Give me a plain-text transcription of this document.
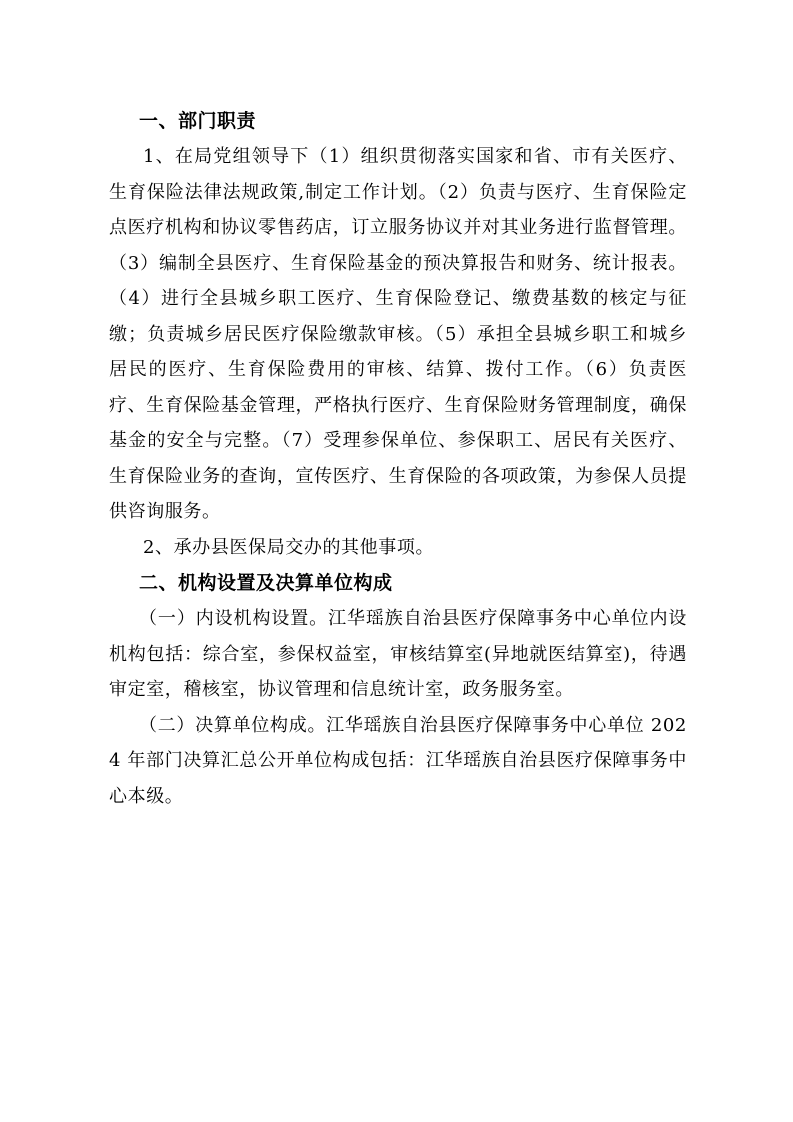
一、部门职责

1、在局党组领导下（1）组织贯彻落实国家和省、市有关医疗、生育保险法律法规政策,制定工作计划。（2）负责与医疗、生育保险定点医疗机构和协议零售药店，订立服务协议并对其业务进行监督管理。（3）编制全县医疗、生育保险基金的预决算报告和财务、统计报表。（4）进行全县城乡职工医疗、生育保险登记、缴费基数的核定与征缴；负责城乡居民医疗保险缴款审核。（5）承担全县城乡职工和城乡居民的医疗、生育保险费用的审核、结算、拨付工作。（6）负责医疗、生育保险基金管理，严格执行医疗、生育保险财务管理制度，确保基金的安全与完整。（7）受理参保单位、参保职工、居民有关医疗、生育保险业务的查询，宣传医疗、生育保险的各项政策，为参保人员提供咨询服务。

2、承办县医保局交办的其他事项。

二、机构设置及决算单位构成

（一）内设机构设置。江华瑶族自治县医疗保障事务中心单位内设机构包括：综合室，参保权益室，审核结算室(异地就医结算室)，待遇审定室，稽核室，协议管理和信息统计室，政务服务室。

（二）决算单位构成。江华瑶族自治县医疗保障事务中心单位 2024 年部门决算汇总公开单位构成包括：江华瑶族自治县医疗保障事务中心本级。
